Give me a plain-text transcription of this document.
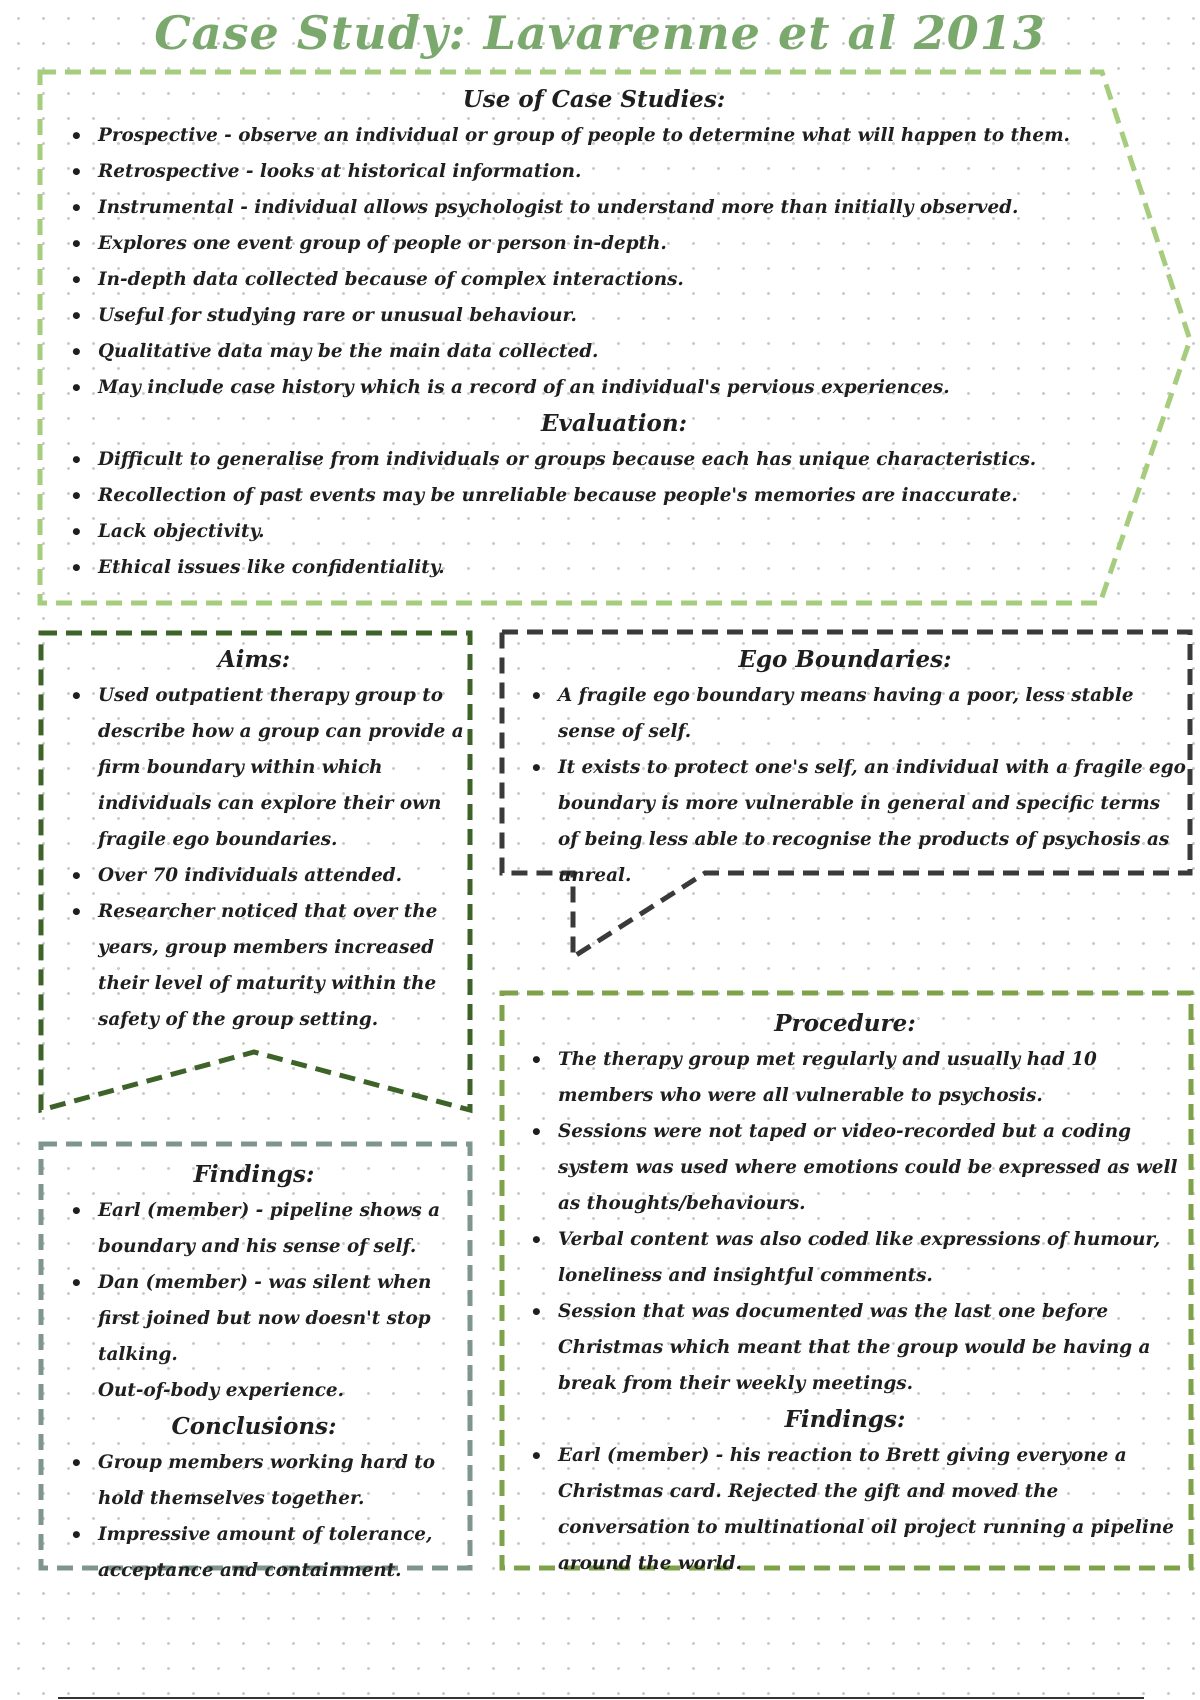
Case Study: Lavarenne et al 2013

Use of Case Studies:

• Prospective - observe an individual or group of people to determine what will happen to them.
• Retrospective - looks at historical information.
• Instrumental - individual allows psychologist to understand more than initially observed.
• Explores one event group of people or person in-depth.
• In-depth data collected because of complex interactions.
• Useful for studying rare or unusual behaviour.
• Qualitative data may be the main data collected.
• May include case history which is a record of an individual's pervious experiences.

Evaluation:

• Difficult to generalise from individuals or groups because each has unique characteristics.
• Recollection of past events may be unreliable because people's memories are inaccurate.
• Lack objectivity.
• Ethical issues like confidentiality.

Aims:

• Used outpatient therapy group to describe how a group can provide a firm boundary within which individuals can explore their own fragile ego boundaries.
• Over 70 individuals attended.
• Researcher noticed that over the years, group members increased their level of maturity within the safety of the group setting.

Ego Boundaries:

• A fragile ego boundary means having a poor, less stable sense of self.
• It exists to protect one's self, an individual with a fragile ego boundary is more vulnerable in general and specific terms of being less able to recognise the products of psychosis as unreal.

Findings:

• Earl (member) - pipeline shows a boundary and his sense of self.
• Dan (member) - was silent when first joined but now doesn't stop talking.

Out-of-body experience.

Conclusions:

• Group members working hard to hold themselves together.
• Impressive amount of tolerance, acceptance and containment.

Procedure:

• The therapy group met regularly and usually had 10 members who were all vulnerable to psychosis.
• Sessions were not taped or video-recorded but a coding system was used where emotions could be expressed as well as thoughts/behaviours.
• Verbal content was also coded like expressions of humour, loneliness and insightful comments.
• Session that was documented was the last one before Christmas which meant that the group would be having a break from their weekly meetings.

Findings:

• Earl (member) - his reaction to Brett giving everyone a Christmas card. Rejected the gift and moved the conversation to multinational oil project running a pipeline around the world.
